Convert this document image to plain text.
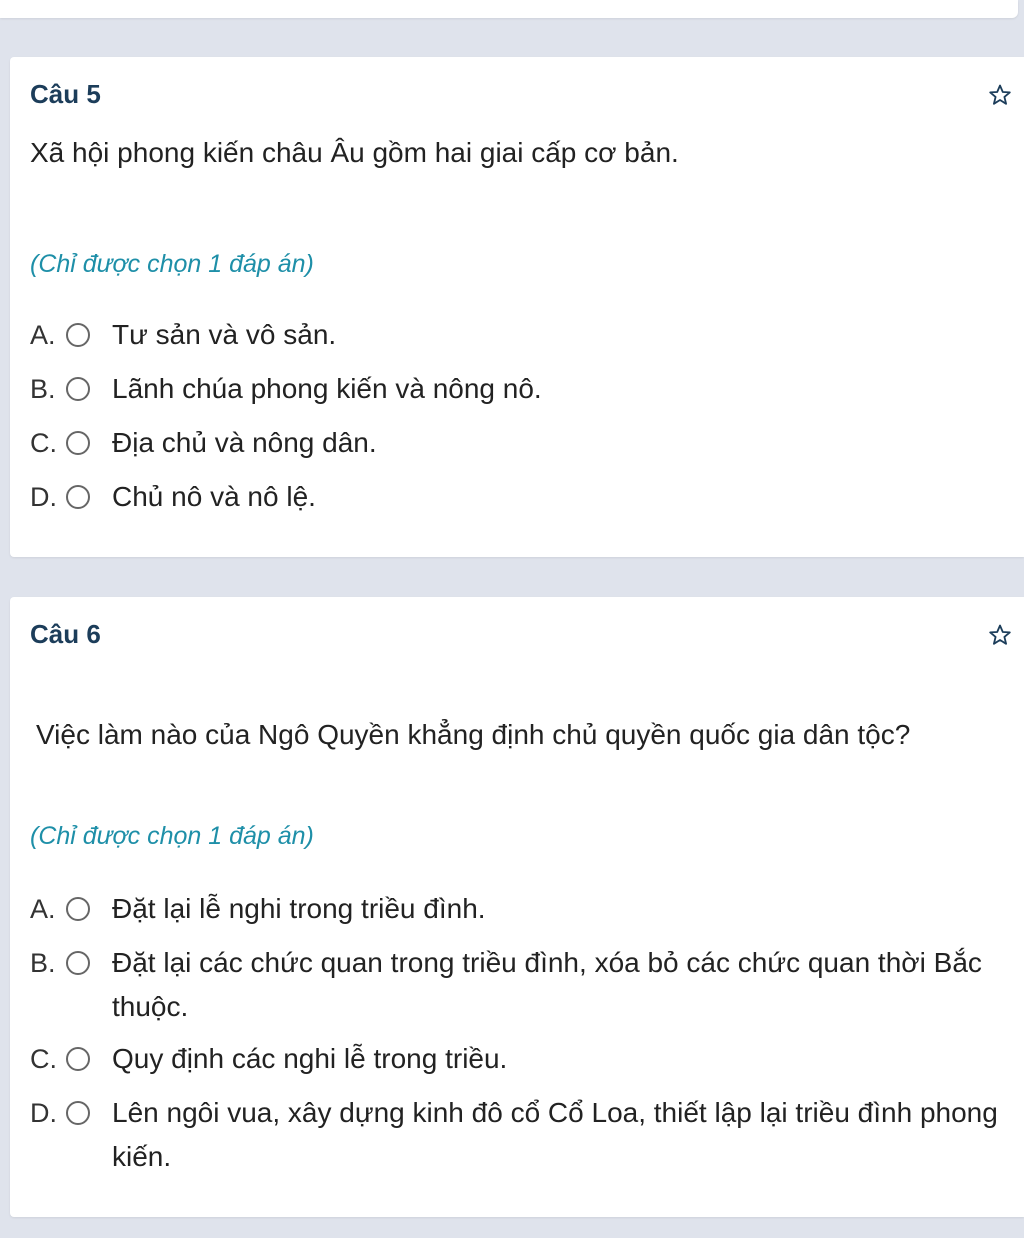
Câu 5
Xã hội phong kiến châu Âu gồm hai giai cấp cơ bản.
(Chỉ được chọn 1 đáp án)
A.	Tư sản và vô sản.
B.	Lãnh chúa phong kiến và nông nô.
C.	Địa chủ và nông dân.
D.	Chủ nô và nô lệ.
Câu 6
Việc làm nào của Ngô Quyền khẳng định chủ quyền quốc gia dân tộc?
(Chỉ được chọn 1 đáp án)
A.	Đặt lại lễ nghi trong triều đình.
B.	Đặt lại các chức quan trong triều đình, xóa bỏ các chức quan thời Bắc thuộc.
C.	Quy định các nghi lễ trong triều.
D.	Lên ngôi vua, xây dựng kinh đô cổ Cổ Loa, thiết lập lại triều đình phong kiến.
